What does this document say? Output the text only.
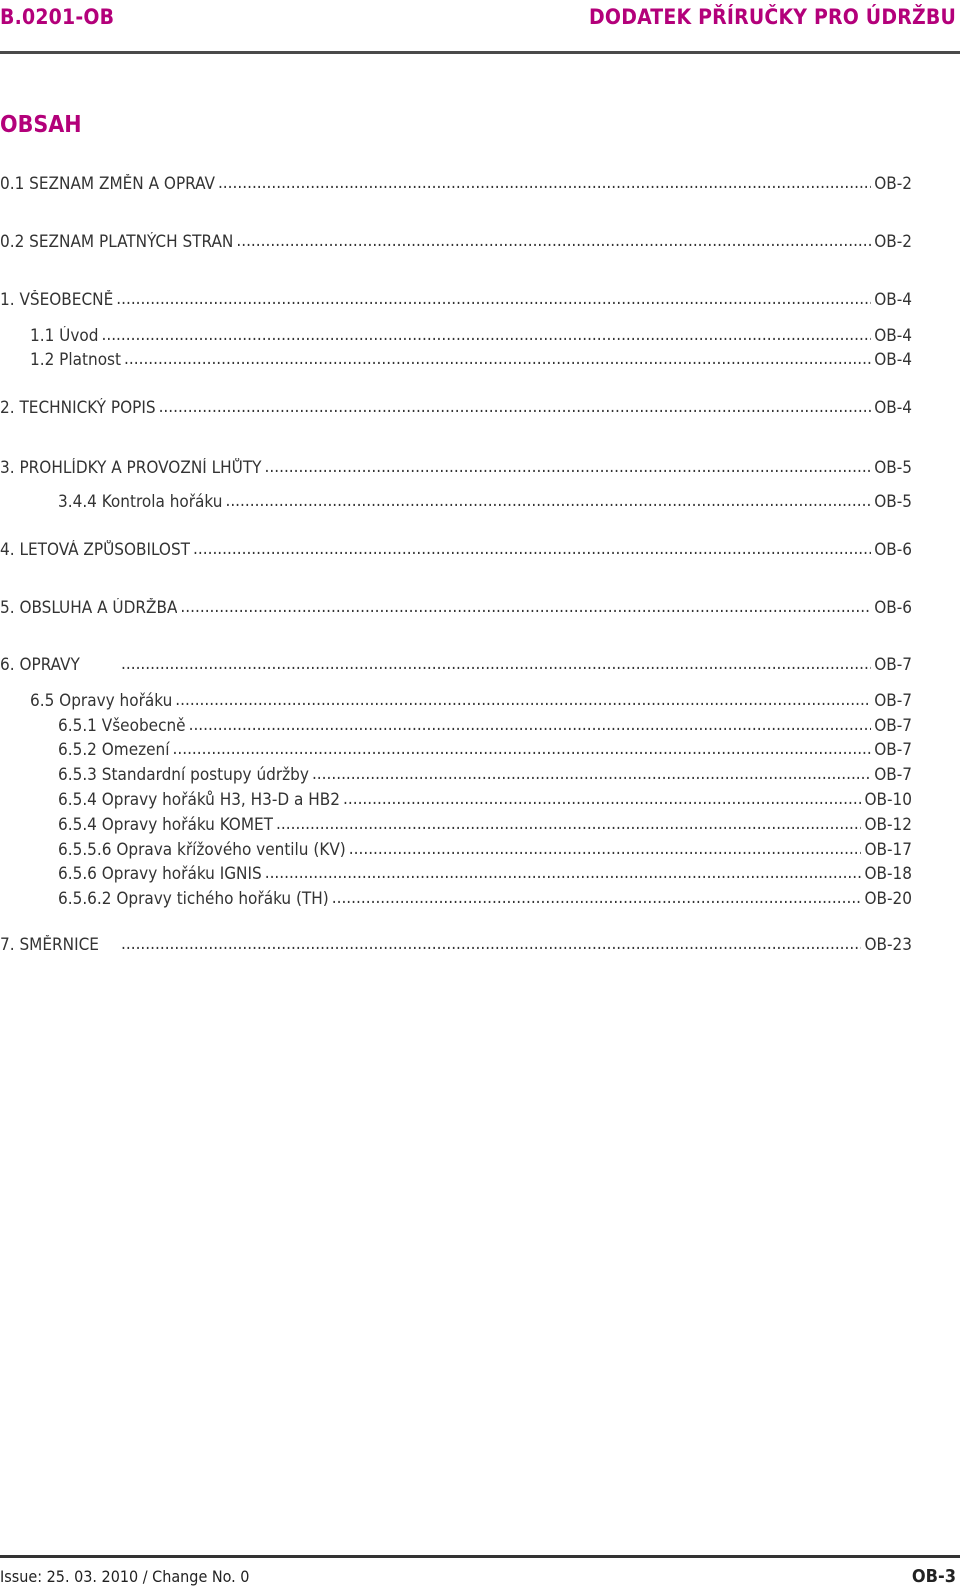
B.0201-OB	DODATEK PŘÍRUČKY PRO ÚDRŽBU
OBSAH
0.1 SEZNAM ZMĚN A OPRAV .....	OB-2
0.2 SEZNAM PLATNÝCH STRAN .....	OB-2
1. VŠEOBECNĚ .....	OB-4
1.1 Úvod .....	OB-4
1.2 Platnost .....	OB-4
2. TECHNICKÝ POPIS .....	OB-4
3. PROHLÍDKY A PROVOZNÍ LHŮTY .....	OB-5
3.4.4 Kontrola hořáku .....	OB-5
4. LETOVÁ ZPŮSOBILOST .....	OB-6
5. OBSLUHA A ÚDRŽBA .....	OB-6
6. OPRAVY .....	OB-7
6.5 Opravy hořáku .....	OB-7
6.5.1 Všeobecně .....	OB-7
6.5.2 Omezení .....	OB-7
6.5.3 Standardní postupy údržby .....	OB-7
6.5.4 Opravy hořáků H3, H3-D a HB2 .....	OB-10
6.5.4 Opravy hořáku KOMET .....	OB-12
6.5.5.6 Oprava křížového ventilu (KV) .....	OB-17
6.5.6 Opravy hořáku IGNIS .....	OB-18
6.5.6.2 Opravy tichého hořáku (TH) .....	OB-20
7. SMĚRNICE .....	OB-23
Issue: 25. 03. 2010 / Change No. 0	OB-3
